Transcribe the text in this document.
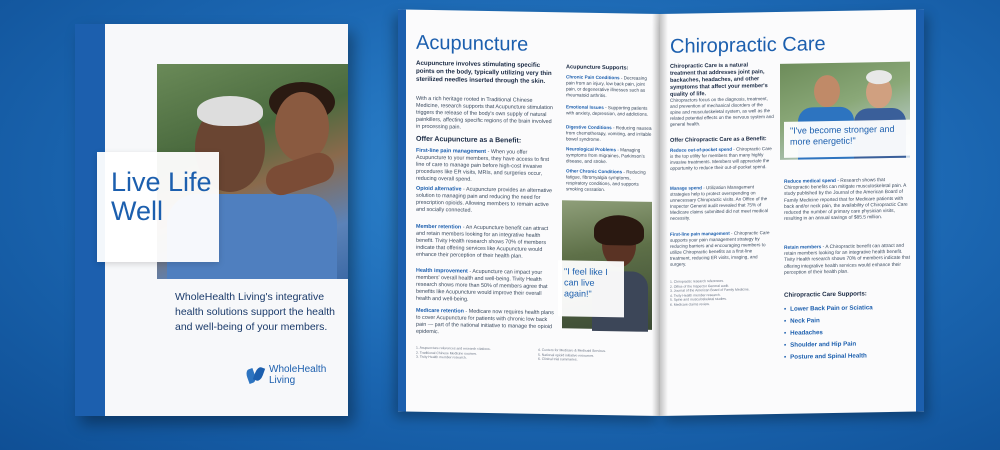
Live Life
Well
WholeHealth Living's integrative health solutions support the health and well-being of your members.
WholeHealth
Living
Acupuncture
Acupuncture involves stimulating specific points on the body, typically utilizing very thin sterilized needles inserted through the skin.
With a rich heritage rooted in Traditional Chinese Medicine, research supports that Acupuncture stimulation triggers the release of the body's own supply of natural painkillers, affecting specific regions of the brain involved in processing pain.
Offer Acupuncture as a Benefit:
First-line pain management - When you offer Acupuncture to your members, they have access to first line of care to manage pain before high-cost invasive procedures like ER visits, MRIs, and surgeries occur, reducing overall spend.
Opioid alternative - Acupuncture provides an alternative solution to managing pain and reducing the need for prescription opioids. Allowing members to remain active and socially connected.
Member retention - An Acupuncture benefit can attract and retain members looking for an integrative health benefit. Tivity Health research shows 70% of members indicate that offering services like Acupuncture would enhance their perception of their health plan.
Health improvement - Acupuncture can impact your members' overall health and well-being. Tivity Health research shows more than 50% of members agree that benefits like Acupuncture would improve their overall health and well-being.
Medicare retention - Medicare now requires health plans to cover Acupuncture for patients with chronic low back pain — part of the national initiative to manage the opioid epidemic.
Acupuncture Supports:
Chronic Pain Conditions - Decreasing pain from an injury, low back pain, joint pain, or degenerative illnesses such as rheumatoid arthritis.
Emotional Issues - Supporting patients with anxiety, depression, and addictions.
Digestive Conditions - Reducing nausea from chemotherapy, vomiting, and irritable bowel syndrome.
Neurological Problems - Managing symptoms from migraines, Parkinson's disease, and stroke.
Other Chronic Conditions - Reducing fatigue, fibromyalgia symptoms, respiratory conditions, and supports smoking cessation.
"I feel like I can live again!"
1. Acupuncture references and research citations.
2. Traditional Chinese Medicine sources.
3. Tivity Health member research.
4. Centers for Medicare & Medicaid Services.
5. National opioid initiative resources.
6. Clinical trial summaries.
Chiropractic Care
Chiropractic Care is a natural treatment that addresses joint pain, backaches, headaches, and other symptoms that affect your member's quality of life.
Chiropractors focus on the diagnosis, treatment, and prevention of mechanical disorders of the spine and musculoskeletal system, as well as the related potential effects on the nervous system and general health.
Offer Chiropractic Care as a Benefit:
Reduce out-of-pocket spend - Chiropractic Care is the top utility for members than many highly invasive treatments. Members will appreciate the opportunity to reduce their out-of-pocket spend.
Manage spend - Utilization Management strategies help to protect overspending on unnecessary Chiropractic visits. An Office of the Inspector General audit revealed that 75% of Medicare claims submitted did not meet medical necessity.
First-line pain management - Chiropractic Care supports your pain management strategy by reducing barriers and encouraging members to utilize Chiropractic benefits as a first-line treatment, reducing ER visits, imaging, and surgery.
1. Chiropractic research references.
2. Office of the Inspector General audit.
3. Journal of the American Board of Family Medicine.
4. Tivity Health member research.
5. Spine and musculoskeletal studies.
6. Medicare claims review.
"I've become stronger and more energetic!"
Reduce medical spend - Research shows that Chiropractic benefits can mitigate musculoskeletal pain. A study published by the Journal of the American Board of Family Medicine reported that for Medicare patients with back and/or neck pain, the availability of Chiropractic Care reduced the number of primary care physician visits, resulting in an annual savings of $85.5 million.
Retain members - A Chiropractic benefit can attract and retain members looking for an integrative health benefit. Tivity Health research shows 70% of members indicate that offering integrative health services would enhance their perception of their health plan.
Chiropractic Care Supports:
• Lower Back Pain or Sciatica
• Neck Pain
• Headaches
• Shoulder and Hip Pain
• Posture and Spinal Health
